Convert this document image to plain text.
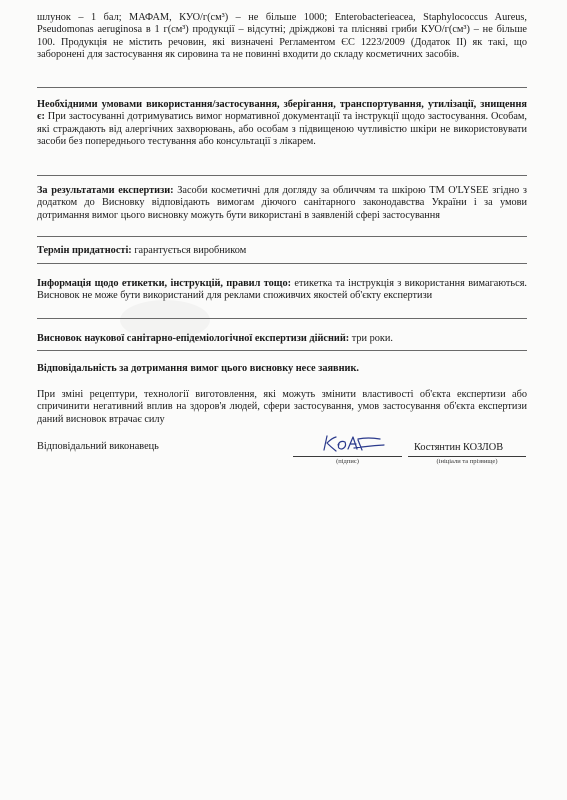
шлунок – 1 бал; МАФАМ, КУО/г(см³) – не більше 1000; Enterobacterieacea, Staphylococcus Aureus, Pseudomonas aeruginosa в 1 г(см³) продукції – відсутні; дріжджові та плісняві гриби КУО/г(см³) – не більше 100. Продукція не містить речовин, які визначені Регламентом ЄС 1223/2009 (Додаток II) як такі, що заборонені для застосування як сировина та не повинні входити до складу косметичних засобів.

Необхідними умовами використання/застосування, зберігання, транспортування, утилізації, знищення є: При застосуванні дотримуватись вимог нормативної документації та інструкції щодо застосування. Особам, які страждають від алергічних захворювань, або особам з підвищеною чутливістю шкіри не використовувати засоби без попереднього тестування або консультації з лікарем.

За результатами експертизи: Засоби косметичні для догляду за обличчям та шкірою ТМ O'LYSEE згідно з додатком до Висновку відповідають вимогам діючого санітарного законодавства України і за умови дотримання вимог цього висновку можуть бути використані в заявленій сфері застосування

Термін придатності: гарантується виробником

Інформація щодо етикетки, інструкцій, правил тощо: етикетка та інструкція з використання вимагаються. Висновок не може бути використаний для реклами споживчих якостей об'єкту експертизи

Висновок наукової санітарно-епідеміологічної експертизи дійсний: три роки.

Відповідальність за дотримання вимог цього висновку несе заявник.

При зміні рецептури, технології виготовлення, які можуть змінити властивості об'єкта експертизи або спричинити негативний вплив на здоров'я людей, сфери застосування, умов застосування об'єкта експертизи даний висновок втрачає силу

Відповідальний виконавець
(підпис)
Костянтин КОЗЛОВ
(ініціали та прізвище)
